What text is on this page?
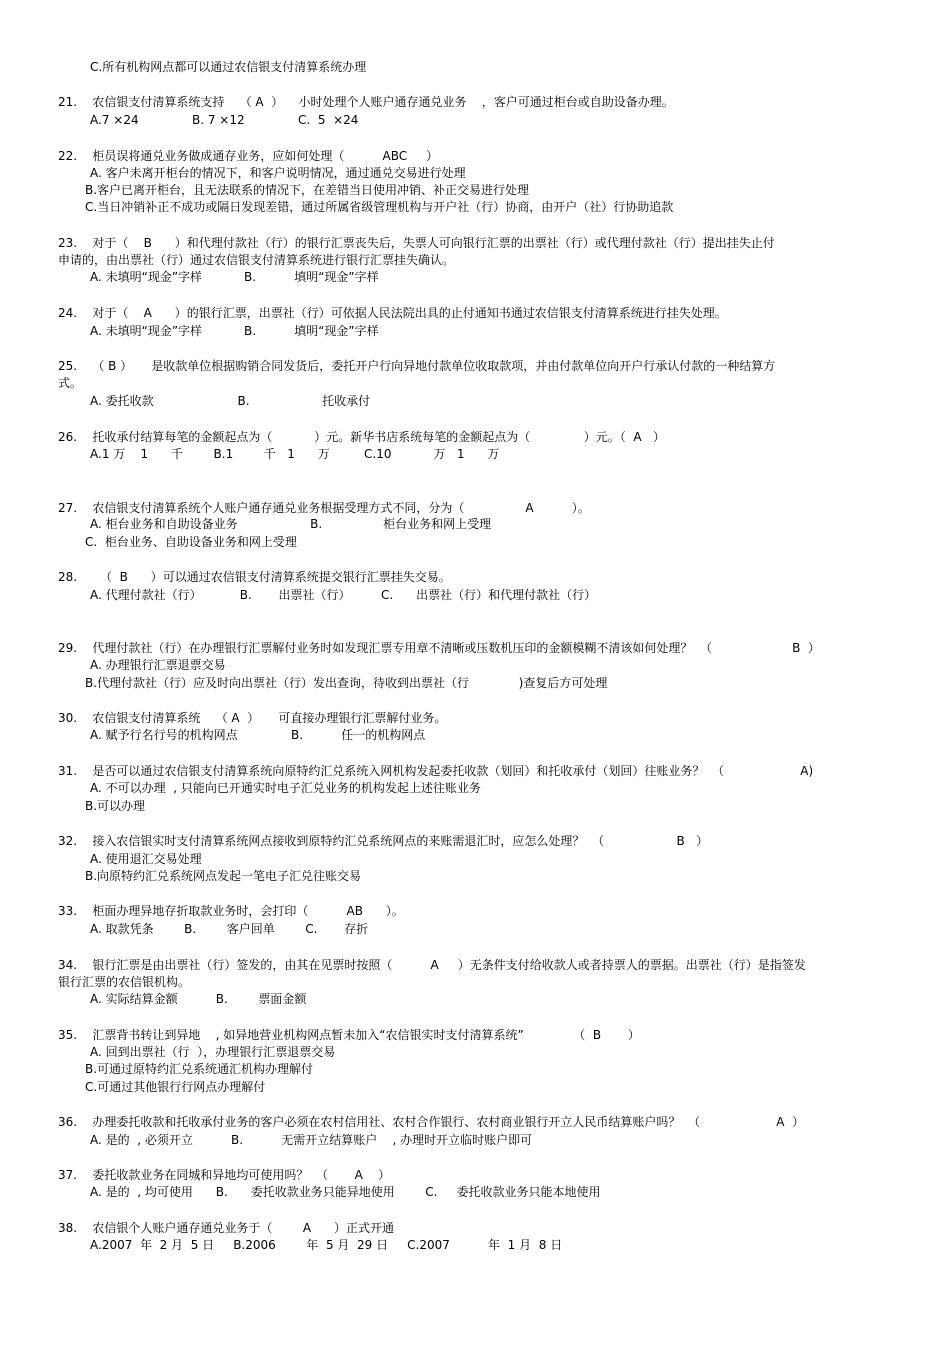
C.所有机构网点都可以通过农信银支付清算系统办理
21.    农信银支付清算系统支持    （ A  ）    小时处理个人账户通存通兑业务    ，客户可通过柜台或自助设备办理。
A.7 ×24              B. 7 ×12              C.  5  ×24
22.    柜员误将通兑业务做成通存业务，应如何处理（          ABC     ）
A. 客户未离开柜台的情况下，和客户说明情况，通过通兑交易进行处理
B.客户已离开柜台，且无法联系的情况下，在差错当日使用冲销、补正交易进行处理
C.当日冲销补正不成功或隔日发现差错，通过所属省级管理机构与开户社（行）协商，由开户（社）行协助追款
23.    对于（    B      ）和代理付款社（行）的银行汇票丧失后，失票人可向银行汇票的出票社（行）或代理付款社（行）提出挂失止付
申请的，由出票社（行）通过农信银支付清算系统进行银行汇票挂失确认。
A. 未填明“现金”字样           B.          填明“现金”字样
24.    对于（    A      ）的银行汇票，出票社（行）可依据人民法院出具的止付通知书通过农信银支付清算系统进行挂失处理。
A. 未填明“现金”字样           B.          填明“现金”字样
25.    （ B ）     是收款单位根据购销合同发货后，委托开户行向异地付款单位收取款项，并由付款单位向开户行承认付款的一种结算方
式。
A. 委托收款                      B.                   托收承付
26.    托收承付结算每笔的金额起点为（           ）元。新华书店系统每笔的金额起点为（              ）元。（  A   ）
A.1 万    1      千        B.1        千   1      万         C.10           万   1      万
27.    农信银支付清算系统个人账户通存通兑业务根据受理方式不同，分为（                A          ）。
A. 柜台业务和自助设备业务                   B.                柜台业务和网上受理
C.  柜台业务、自助设备业务和网上受理
28.      （  B      ）可以通过农信银支付清算系统提交银行汇票挂失交易。
A. 代理付款社（行）          B.       出票社（行）        C.      出票社（行）和代理付款社（行）
29.    代理付款社（行）在办理银行汇票解付业务时如发现汇票专用章不清晰或压数机压印的金额模糊不清该如何处理？  （                     B  ）
A. 办理银行汇票退票交易
B.代理付款社（行）应及时向出票社（行）发出查询，待收到出票社（行             )查复后方可处理
30.    农信银支付清算系统    （ A  ）     可直接办理银行汇票解付业务。
A. 赋予行名行号的机构网点              B.          任一的机构网点
31.    是否可以通过农信银支付清算系统向原特约汇兑系统入网机构发起委托收款（划回）和托收承付（划回）往账业务？  （                    A)
A. 不可以办理  , 只能向已开通实时电子汇兑业务的机构发起上述往账业务
B.可以办理
32.    接入农信银实时支付清算系统网点接收到原特约汇兑系统网点的来账需退汇时，应怎么处理？  （                   B   ）
A. 使用退汇交易处理
B.向原特约汇兑系统网点发起一笔电子汇兑往账交易
33.    柜面办理异地存折取款业务时，会打印（          AB      ）。
A. 取款凭条        B.        客户回单        C.       存折
34.    银行汇票是由出票社（行）签发的，由其在见票时按照（          A     ）无条件支付给收款人或者持票人的票据。出票社（行）是指签发
银行汇票的农信银机构。
A. 实际结算金额          B.        票面金额
35.    汇票背书转让到异地    , 如异地营业机构网点暂未加入“农信银实时支付清算系统”             （  B       ）
A. 回到出票社（行  ），办理银行汇票退票交易
B.可通过原特约汇兑系统通汇机构办理解付
C.可通过其他银行行网点办理解付
36.    办理委托收款和托收承付业务的客户必须在农村信用社、农村合作银行、农村商业银行开立人民币结算账户吗？  （                    A  ）
A. 是的  , 必须开立          B.          无需开立结算账户    , 办理时开立临时账户即可
37.    委托收款业务在同城和异地均可使用吗？  （       A    ）
A. 是的  , 均可使用      B.      委托收款业务只能异地使用        C.     委托收款业务只能本地使用
38.    农信银个人账户通存通兑业务于（        A      ）正式开通
A.2007  年  2 月  5 日     B.2006        年  5 月  29 日     C.2007          年  1 月  8 日
